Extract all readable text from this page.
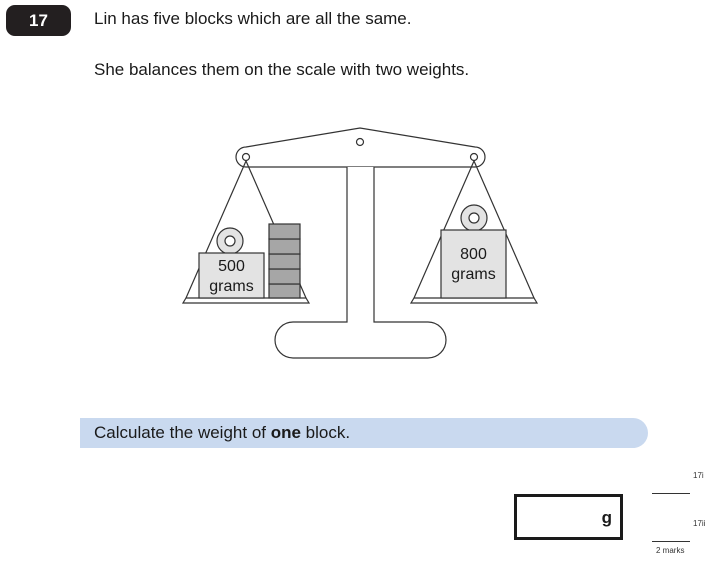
17	Lin has five blocks which are all the same.
She balances them on the scale with two weights.
500
grams
800
grams
Calculate the weight of one block.
g
17i
17ii
2 marks
